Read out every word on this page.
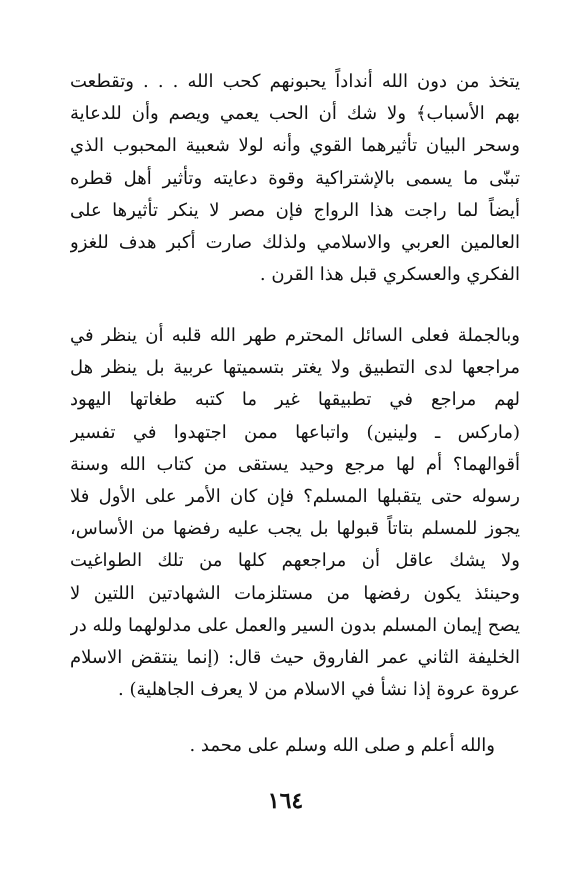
يتخذ من دون الله أنداداً يحبونهم كحب الله . . . وتقطعت
بهم الأسباب﴾ ولا شك أن الحب يعمي ويصم وأن للدعاية
وسحر البيان تأثيرهما القوي وأنه لولا شعبية المحبوب الذي
تبنّى ما يسمى بالإشتراكية وقوة دعايته وتأثير أهل قطره
أيضاً لما راجت هذا الرواج فإن مصر لا ينكر تأثيرها على
العالمين العربي والاسلامي ولذلك صارت أكبر هدف للغزو
الفكري والعسكري قبل هذا القرن .
وبالجملة فعلى السائل المحترم طهر الله قلبه أن ينظر في
مراجعها لدى التطبيق ولا يغتر بتسميتها عربية بل ينظر هل
لهم مراجع في تطبيقها غير ما كتبه طغاتها اليهود
(ماركس ـ ولينين) واتباعها ممن اجتهدوا في تفسير
أقوالهما؟ أم لها مرجع وحيد يستقى من كتاب الله وسنة
رسوله حتى يتقبلها المسلم؟ فإن كان الأمر على الأول فلا
يجوز للمسلم بتاتاً قبولها بل يجب عليه رفضها من الأساس،
ولا يشك عاقل أن مراجعهم كلها من تلك الطواغيت
وحينئذ يكون رفضها من مستلزمات الشهادتين اللتين لا
يصح إيمان المسلم بدون السير والعمل على مدلولهما ولله در
الخليفة الثاني عمر الفاروق حيث قال: (إنما ينتقض الاسلام
عروة عروة إذا نشأ في الاسلام من لا يعرف الجاهلية) .
والله أعلم و صلى الله وسلم على محمد .
١٦٤
